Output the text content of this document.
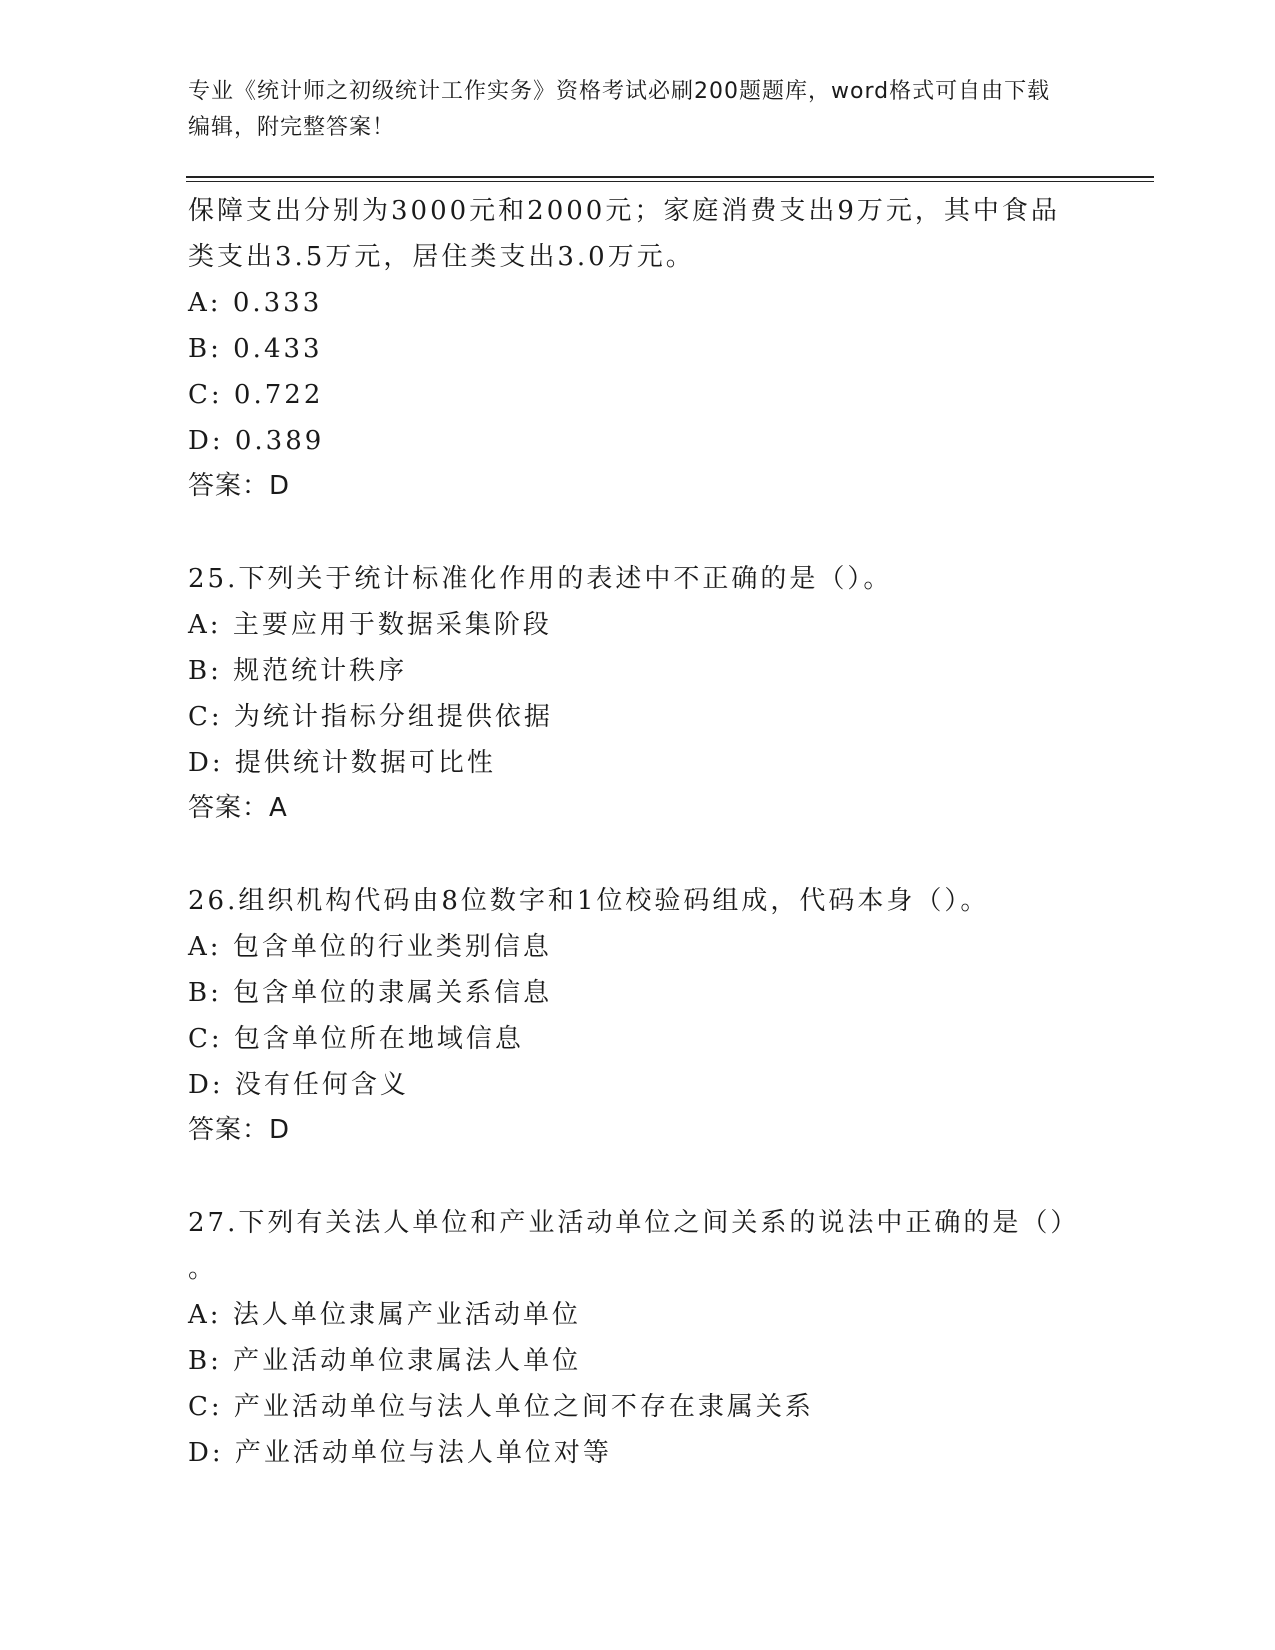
专业《统计师之初级统计工作实务》资格考试必刷200题题库，word格式可自由下载编辑，附完整答案！
保障支出分别为3000元和2000元；家庭消费支出9万元，其中食品
类支出3.5万元，居住类支出3.0万元。
A: 0.333
B: 0.433
C: 0.722
D: 0.389
答案：D
25.下列关于统计标准化作用的表述中不正确的是（）。
A: 主要应用于数据采集阶段
B: 规范统计秩序
C: 为统计指标分组提供依据
D: 提供统计数据可比性
答案：A
26.组织机构代码由8位数字和1位校验码组成，代码本身（）。
A: 包含单位的行业类别信息
B: 包含单位的隶属关系信息
C: 包含单位所在地域信息
D: 没有任何含义
答案：D
27.下列有关法人单位和产业活动单位之间关系的说法中正确的是（）
。
A: 法人单位隶属产业活动单位
B: 产业活动单位隶属法人单位
C: 产业活动单位与法人单位之间不存在隶属关系
D: 产业活动单位与法人单位对等
